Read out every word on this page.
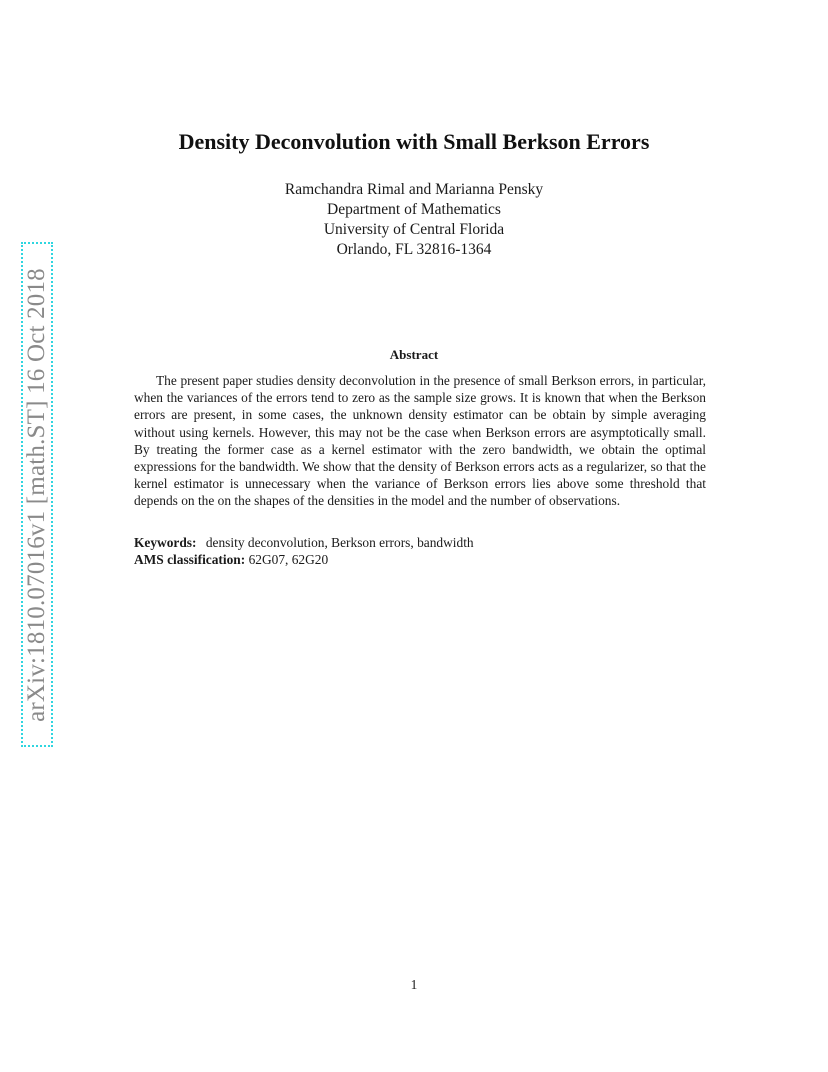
arXiv:1810.07016v1 [math.ST] 16 Oct 2018
Density Deconvolution with Small Berkson Errors
Ramchandra Rimal and Marianna Pensky
Department of Mathematics
University of Central Florida
Orlando, FL 32816-1364
Abstract
The present paper studies density deconvolution in the presence of small Berkson errors, in particular, when the variances of the errors tend to zero as the sample size grows. It is known that when the Berkson errors are present, in some cases, the unknown density estimator can be obtain by simple averaging without using kernels. However, this may not be the case when Berkson errors are asymptotically small. By treating the former case as a kernel estimator with the zero bandwidth, we obtain the optimal expressions for the bandwidth. We show that the density of Berkson errors acts as a regularizer, so that the kernel estimator is unnecessary when the variance of Berkson errors lies above some threshold that depends on the on the shapes of the densities in the model and the number of observations.
Keywords: density deconvolution, Berkson errors, bandwidth
AMS classification: 62G07, 62G20
1
